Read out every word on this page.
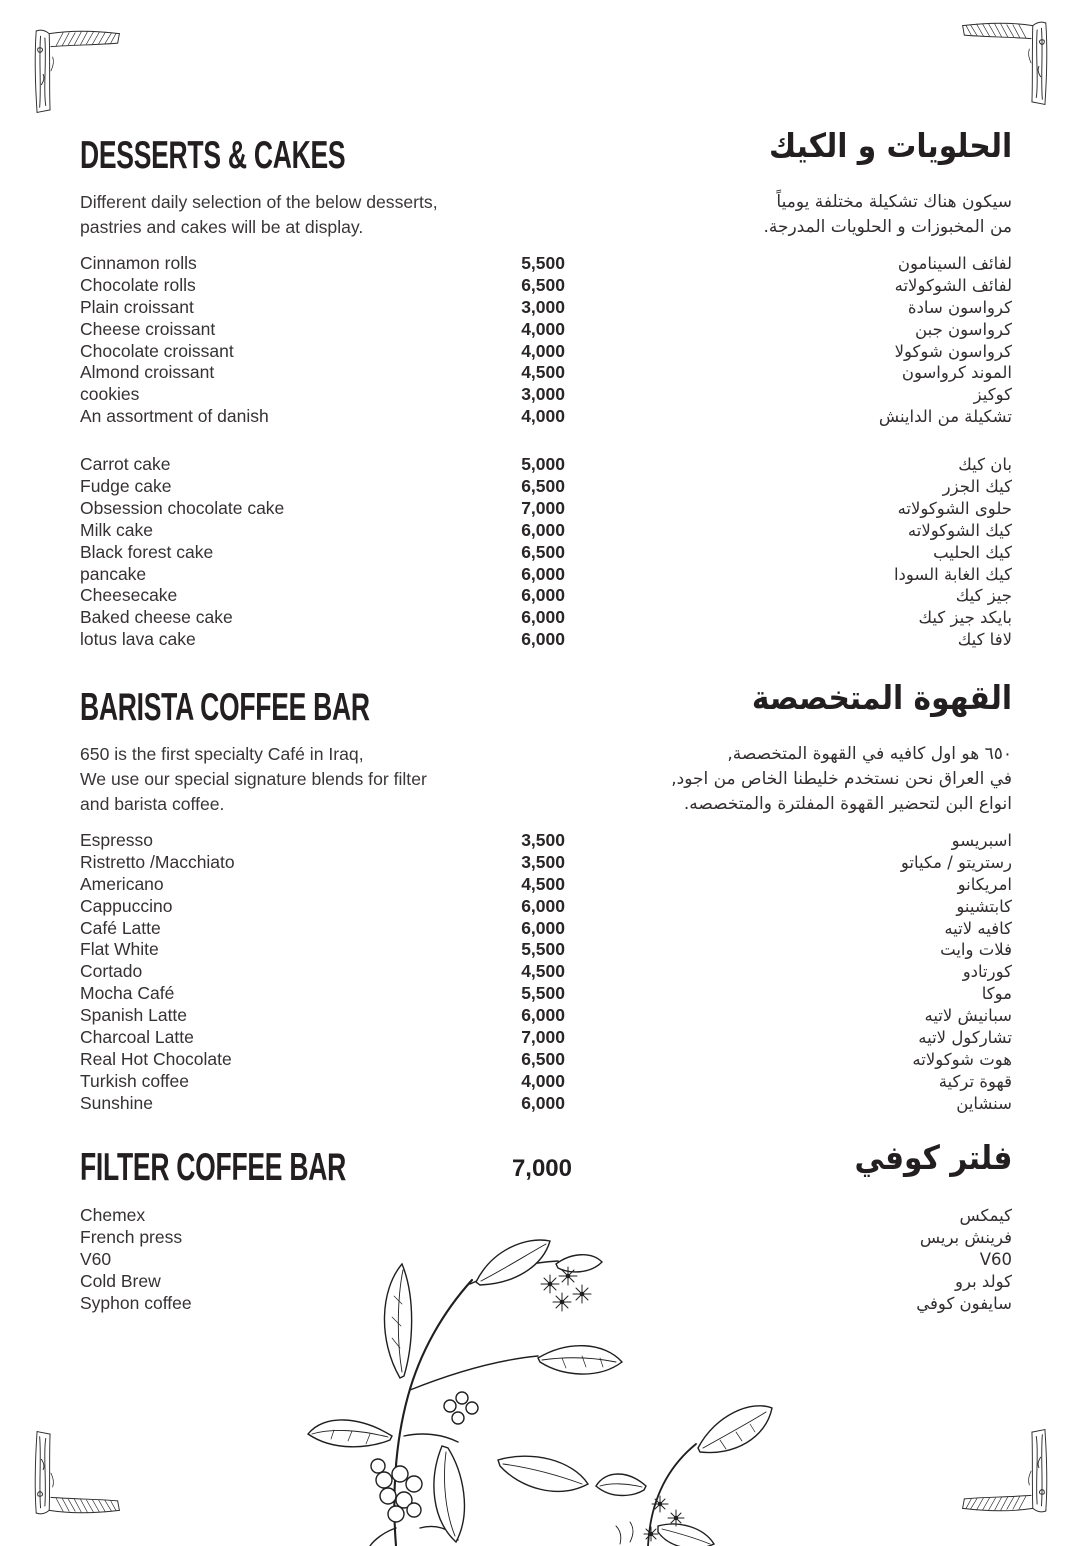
DESSERTS & CAKES	الحلويات و الكيك
Different daily selection of the below desserts,
pastries and cakes will be at display.
سيكون هناك تشكيلة مختلفة يومياً
من المخبوزات و الحلويات المدرجة.
Cinnamon rolls	5,500	لفائف السينامون
Chocolate rolls	6,500	لفائف الشوكولاته
Plain croissant	3,000	كرواسون سادة
Cheese croissant	4,000	كرواسون جبن
Chocolate croissant	4,000	كرواسون شوكولا
Almond croissant	4,500	الموند كرواسون
cookies	3,000	كوكيز
An assortment of danish	4,000	تشكيلة من الداينش
Carrot cake	5,000	بان كيك
Fudge cake	6,500	كيك الجزر
Obsession chocolate cake	7,000	حلوى الشوكولاته
Milk cake	6,000	كيك الشوكولاته
Black forest cake	6,500	كيك الحليب
pancake	6,000	كيك الغابة السودا
Cheesecake	6,000	جيز كيك
Baked cheese cake	6,000	بايكد جيز كيك
lotus lava cake	6,000	لافا كيك
BARISTA COFFEE BAR	القهوة المتخصصة
650 is the first specialty Café in Iraq,
We use our special signature blends for filter
and barista coffee.
٦٥٠ هو اول كافيه في القهوة المتخصصة,
في العراق نحن نستخدم خليطنا الخاص من اجود,
انواع البن لتحضير القهوة المفلترة والمتخصصه.
Espresso	3,500	اسبريسو
Ristretto /Macchiato	3,500	رستريتو / مكياتو
Americano	4,500	امريكانو
Cappuccino	6,000	كابتشينو
Café Latte	6,000	كافيه لاتيه
Flat White	5,500	فلات وايت
Cortado	4,500	كورتادو
Mocha Café	5,500	موكا
Spanish Latte	6,000	سبانيش لاتيه
Charcoal Latte	7,000	تشاركول لاتيه
Real Hot Chocolate	6,500	هوت شوكولاته
Turkish coffee	4,000	قهوة تركية
Sunshine	6,000	سنشاين
FILTER COFFEE BAR	7,000	فلتر كوفي
Chemex	كيمكس
French press	فرينش بريس
V60	V60
Cold Brew	كولد برو
Syphon coffee	سايفون كوفي
